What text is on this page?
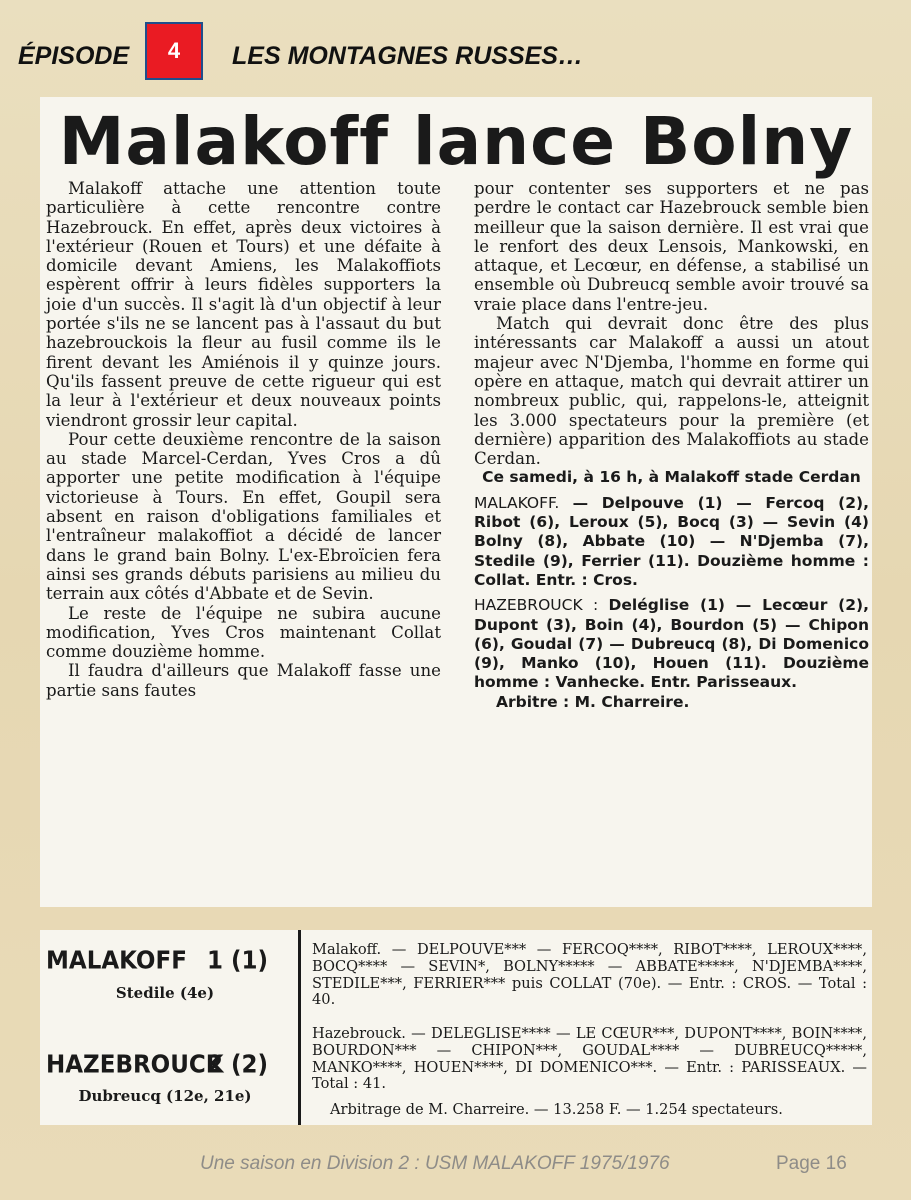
ÉPISODE 4 LES MONTAGNES RUSSES…
Malakoff lance Bolny

Malakoff attache une attention toute particulière à cette rencontre contre Hazebrouck. En effet, après deux victoires à l'extérieur (Rouen et Tours) et une défaite à domicile devant Amiens, les Malakoffiots espèrent offrir à leurs fidèles supporters la joie d'un succès. Il s'agit là d'un objectif à leur portée s'ils ne se lancent pas à l'assaut du but hazebrouckois la fleur au fusil comme ils le firent devant les Amiénois il y quinze jours. Qu'ils fassent preuve de cette rigueur qui est la leur à l'extérieur et deux nouveaux points viendront grossir leur capital.

Pour cette deuxième rencontre de la saison au stade Marcel-Cerdan, Yves Cros a dû apporter une petite modification à l'équipe victorieuse à Tours. En effet, Goupil sera absent en raison d'obligations familiales et l'entraîneur malakoffiot a décidé de lancer dans le grand bain Bolny. L'ex-Ebroïcien fera ainsi ses grands débuts parisiens au milieu du terrain aux côtés d'Abbate et de Sevin.

Le reste de l'équipe ne subira aucune modification, Yves Cros maintenant Collat comme douzième homme.

Il faudra d'ailleurs que Malakoff fasse une partie sans fautes

pour contenter ses supporters et ne pas perdre le contact car Hazebrouck semble bien meilleur que la saison dernière. Il est vrai que le renfort des deux Lensois, Mankowski, en attaque, et Lecœur, en défense, a stabilisé un ensemble où Dubreucq semble avoir trouvé sa vraie place dans l'entre-jeu.

Match qui devrait donc être des plus intéressants car Malakoff a aussi un atout majeur avec N'Djemba, l'homme en forme qui opère en attaque, match qui devrait attirer un nombreux public, qui, rappelons-le, atteignit les 3.000 spectateurs pour la première (et dernière) apparition des Malakoffiots au stade Cerdan.

Ce samedi, à 16 h, à Malakoff stade Cerdan

MALAKOFF. — Delpouve (1) — Fercoq (2), Ribot (6), Leroux (5), Bocq (3) — Sevin (4) Bolny (8), Abbate (10) — N'Djemba (7), Stedile (9), Ferrier (11). Douzième homme : Collat. Entr. : Cros.

HAZEBROUCK : Deléglise (1) — Lecœur (2), Dupont (3), Boin (4), Bourdon (5) — Chipon (6), Goudal (7) — Dubreucq (8), Di Domenico (9), Manko (10), Houen (11). Douzième homme : Vanhecke. Entr. Parisseaux.

Arbitre : M. Charreire.

MALAKOFF 1 (1)
Stedile (4e)
HAZEBROUCK
2 (2)
Dubreucq (12e, 21e)
Malakoff. — DELPOUVE*** — FERCOQ****, RIBOT****, LEROUX****, BOCQ**** — SEVIN*, BOLNY***** — ABBATE*****, N'DJEMBA****, STEDILE***, FERRIER*** puis COLLAT (70e). — Entr. : CROS. — Total : 40.
Hazebrouck. — DELEGLISE**** — LE CŒUR***, DUPONT****, BOIN****, BOURDON*** — CHIPON***, GOUDAL**** — DUBREUCQ*****, MANKO****, HOUEN****, DI DOMENICO***. — Entr. : PARISSEAUX. — Total : 41.
Arbitrage de M. Charreire. — 13.258 F. — 1.254 spectateurs.
Une saison en Division 2 : USM MALAKOFF 1975/1976	Page 16
